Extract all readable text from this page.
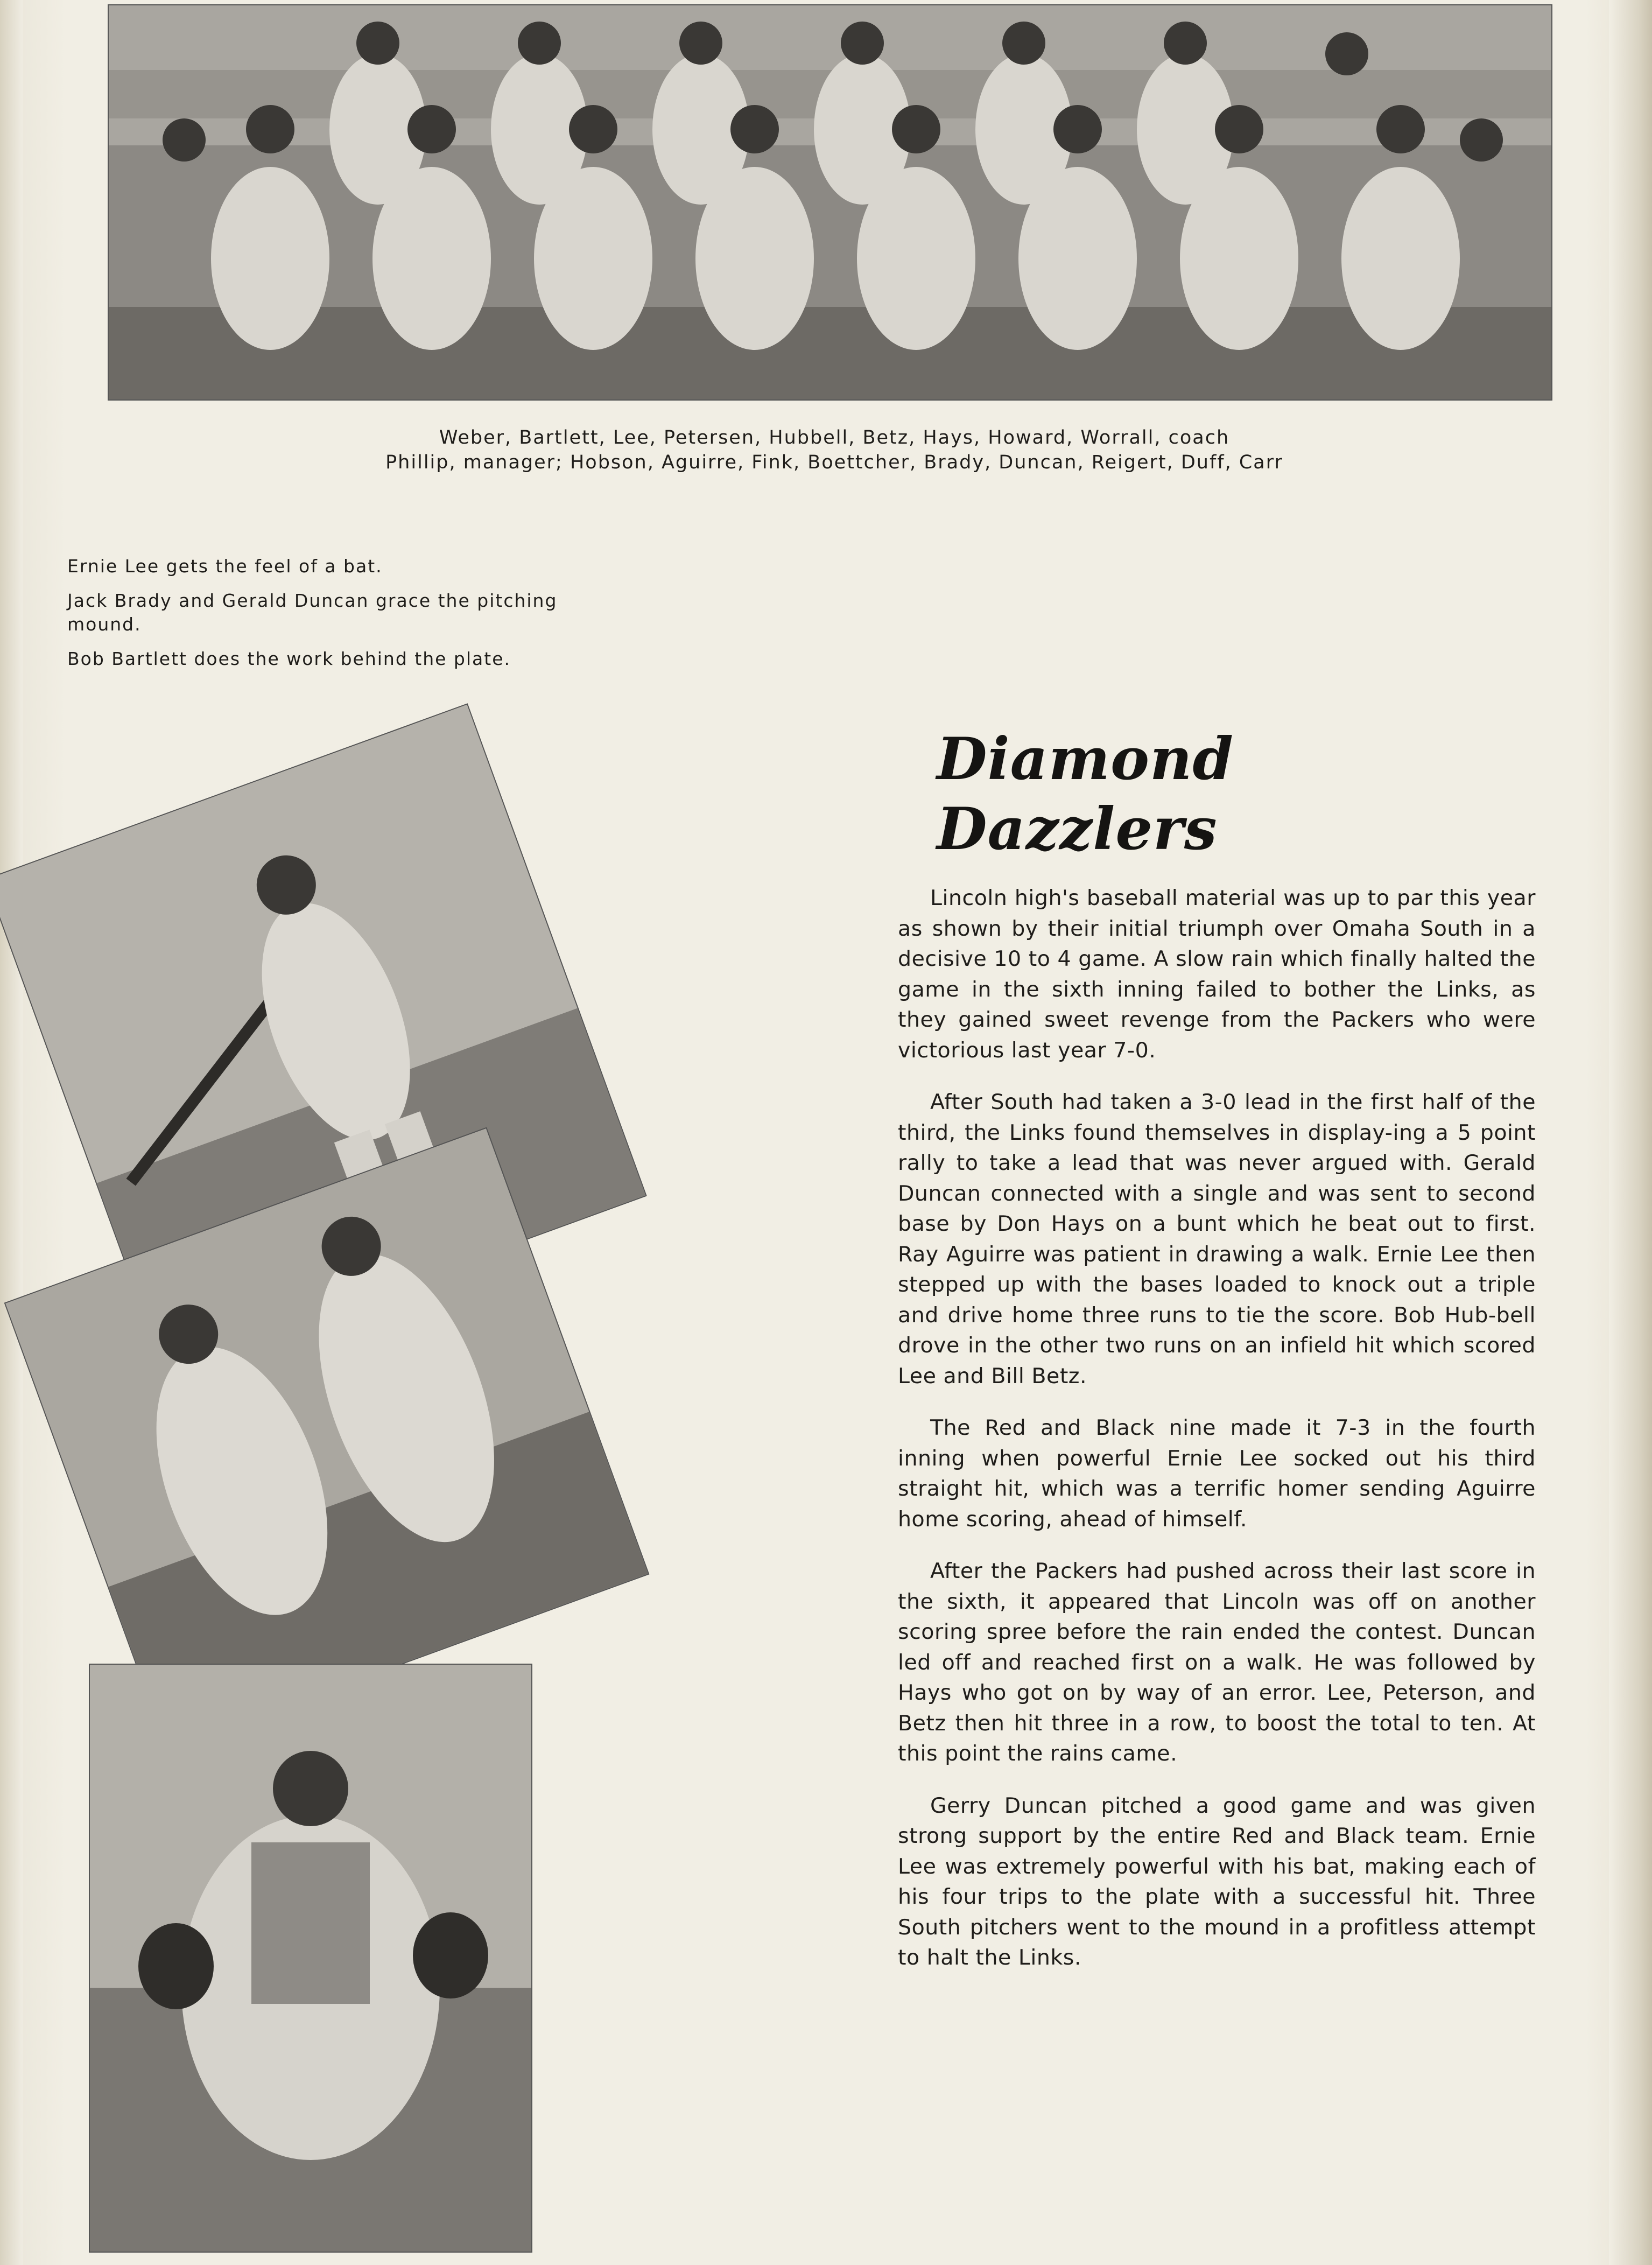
Weber, Bartlett, Lee, Petersen, Hubbell, Betz, Hays, Howard, Worrall, coach
Phillip, manager; Hobson, Aguirre, Fink, Boettcher, Brady, Duncan, Reigert, Duff, Carr

Ernie Lee gets the feel of a bat.

Jack Brady and Gerald Duncan grace the pitching mound.

Bob Bartlett does the work behind the plate.

Diamond Dazzlers

Lincoln high's baseball material was up to par this year as shown by their initial triumph over Omaha South in a decisive 10 to 4 game. A slow rain which finally halted the game in the sixth inning failed to bother the Links, as they gained sweet revenge from the Packers who were victorious last year 7-0.

After South had taken a 3-0 lead in the first half of the third, the Links found themselves in display-ing a 5 point rally to take a lead that was never argued with. Gerald Duncan connected with a single and was sent to second base by Don Hays on a bunt which he beat out to first. Ray Aguirre was patient in drawing a walk. Ernie Lee then stepped up with the bases loaded to knock out a triple and drive home three runs to tie the score. Bob Hub-bell drove in the other two runs on an infield hit which scored Lee and Bill Betz.

The Red and Black nine made it 7-3 in the fourth inning when powerful Ernie Lee socked out his third straight hit, which was a terrific homer sending Aguirre home scoring, ahead of himself.

After the Packers had pushed across their last score in the sixth, it appeared that Lincoln was off on another scoring spree before the rain ended the contest. Duncan led off and reached first on a walk. He was followed by Hays who got on by way of an error. Lee, Peterson, and Betz then hit three in a row, to boost the total to ten. At this point the rains came.

Gerry Duncan pitched a good game and was given strong support by the entire Red and Black team. Ernie Lee was extremely powerful with his bat, making each of his four trips to the plate with a successful hit. Three South pitchers went to the mound in a profitless attempt to halt the Links.
